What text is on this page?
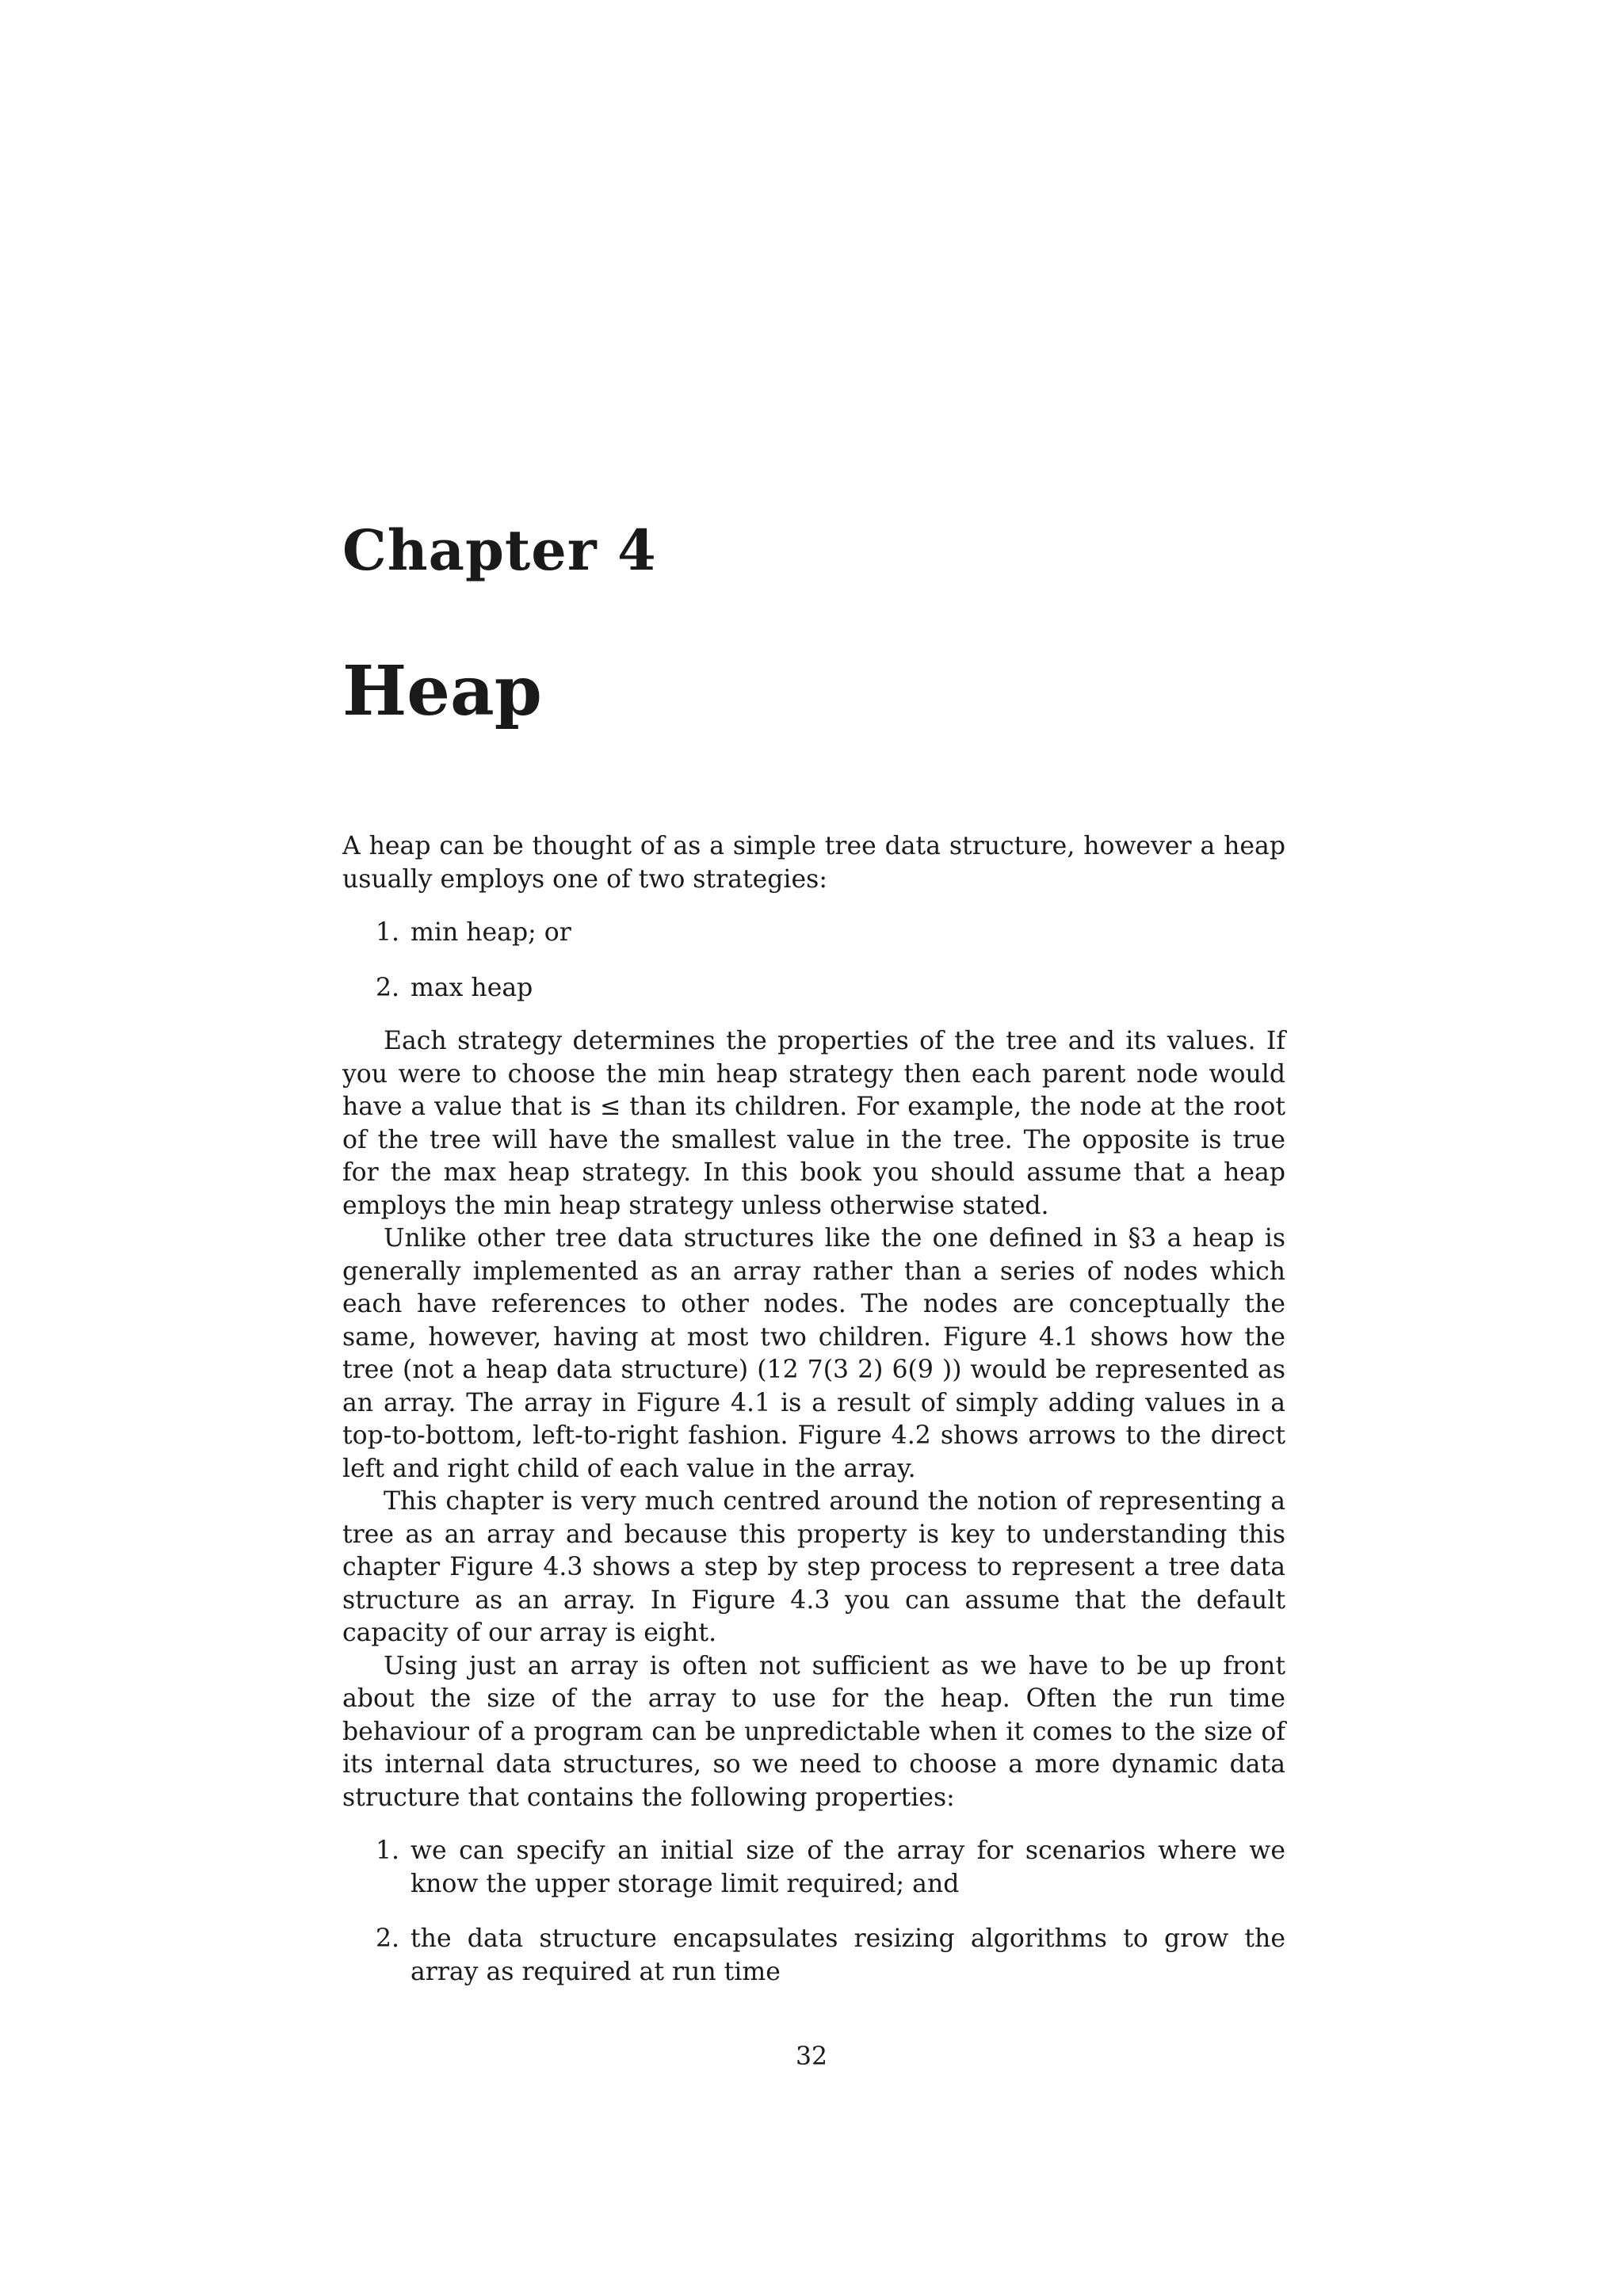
Chapter 4
Heap

A heap can be thought of as a simple tree data structure, however a heap usually employs one of two strategies:

1. min heap; or
2. max heap

Each strategy determines the properties of the tree and its values. If you were to choose the min heap strategy then each parent node would have a value that is ≤ than its children. For example, the node at the root of the tree will have the smallest value in the tree. The opposite is true for the max heap strategy. In this book you should assume that a heap employs the min heap strategy unless otherwise stated.

Unlike other tree data structures like the one defined in §3 a heap is generally implemented as an array rather than a series of nodes which each have references to other nodes. The nodes are conceptually the same, however, having at most two children. Figure 4.1 shows how the tree (not a heap data structure) (12 7(3 2) 6(9 )) would be represented as an array. The array in Figure 4.1 is a result of simply adding values in a top-to-bottom, left-to-right fashion. Figure 4.2 shows arrows to the direct left and right child of each value in the array.

This chapter is very much centred around the notion of representing a tree as an array and because this property is key to understanding this chapter Figure 4.3 shows a step by step process to represent a tree data structure as an array. In Figure 4.3 you can assume that the default capacity of our array is eight.

Using just an array is often not sufficient as we have to be up front about the size of the array to use for the heap. Often the run time behaviour of a program can be unpredictable when it comes to the size of its internal data structures, so we need to choose a more dynamic data structure that contains the following properties:

1. we can specify an initial size of the array for scenarios where we know the upper storage limit required; and
2. the data structure encapsulates resizing algorithms to grow the array as required at run time
32
